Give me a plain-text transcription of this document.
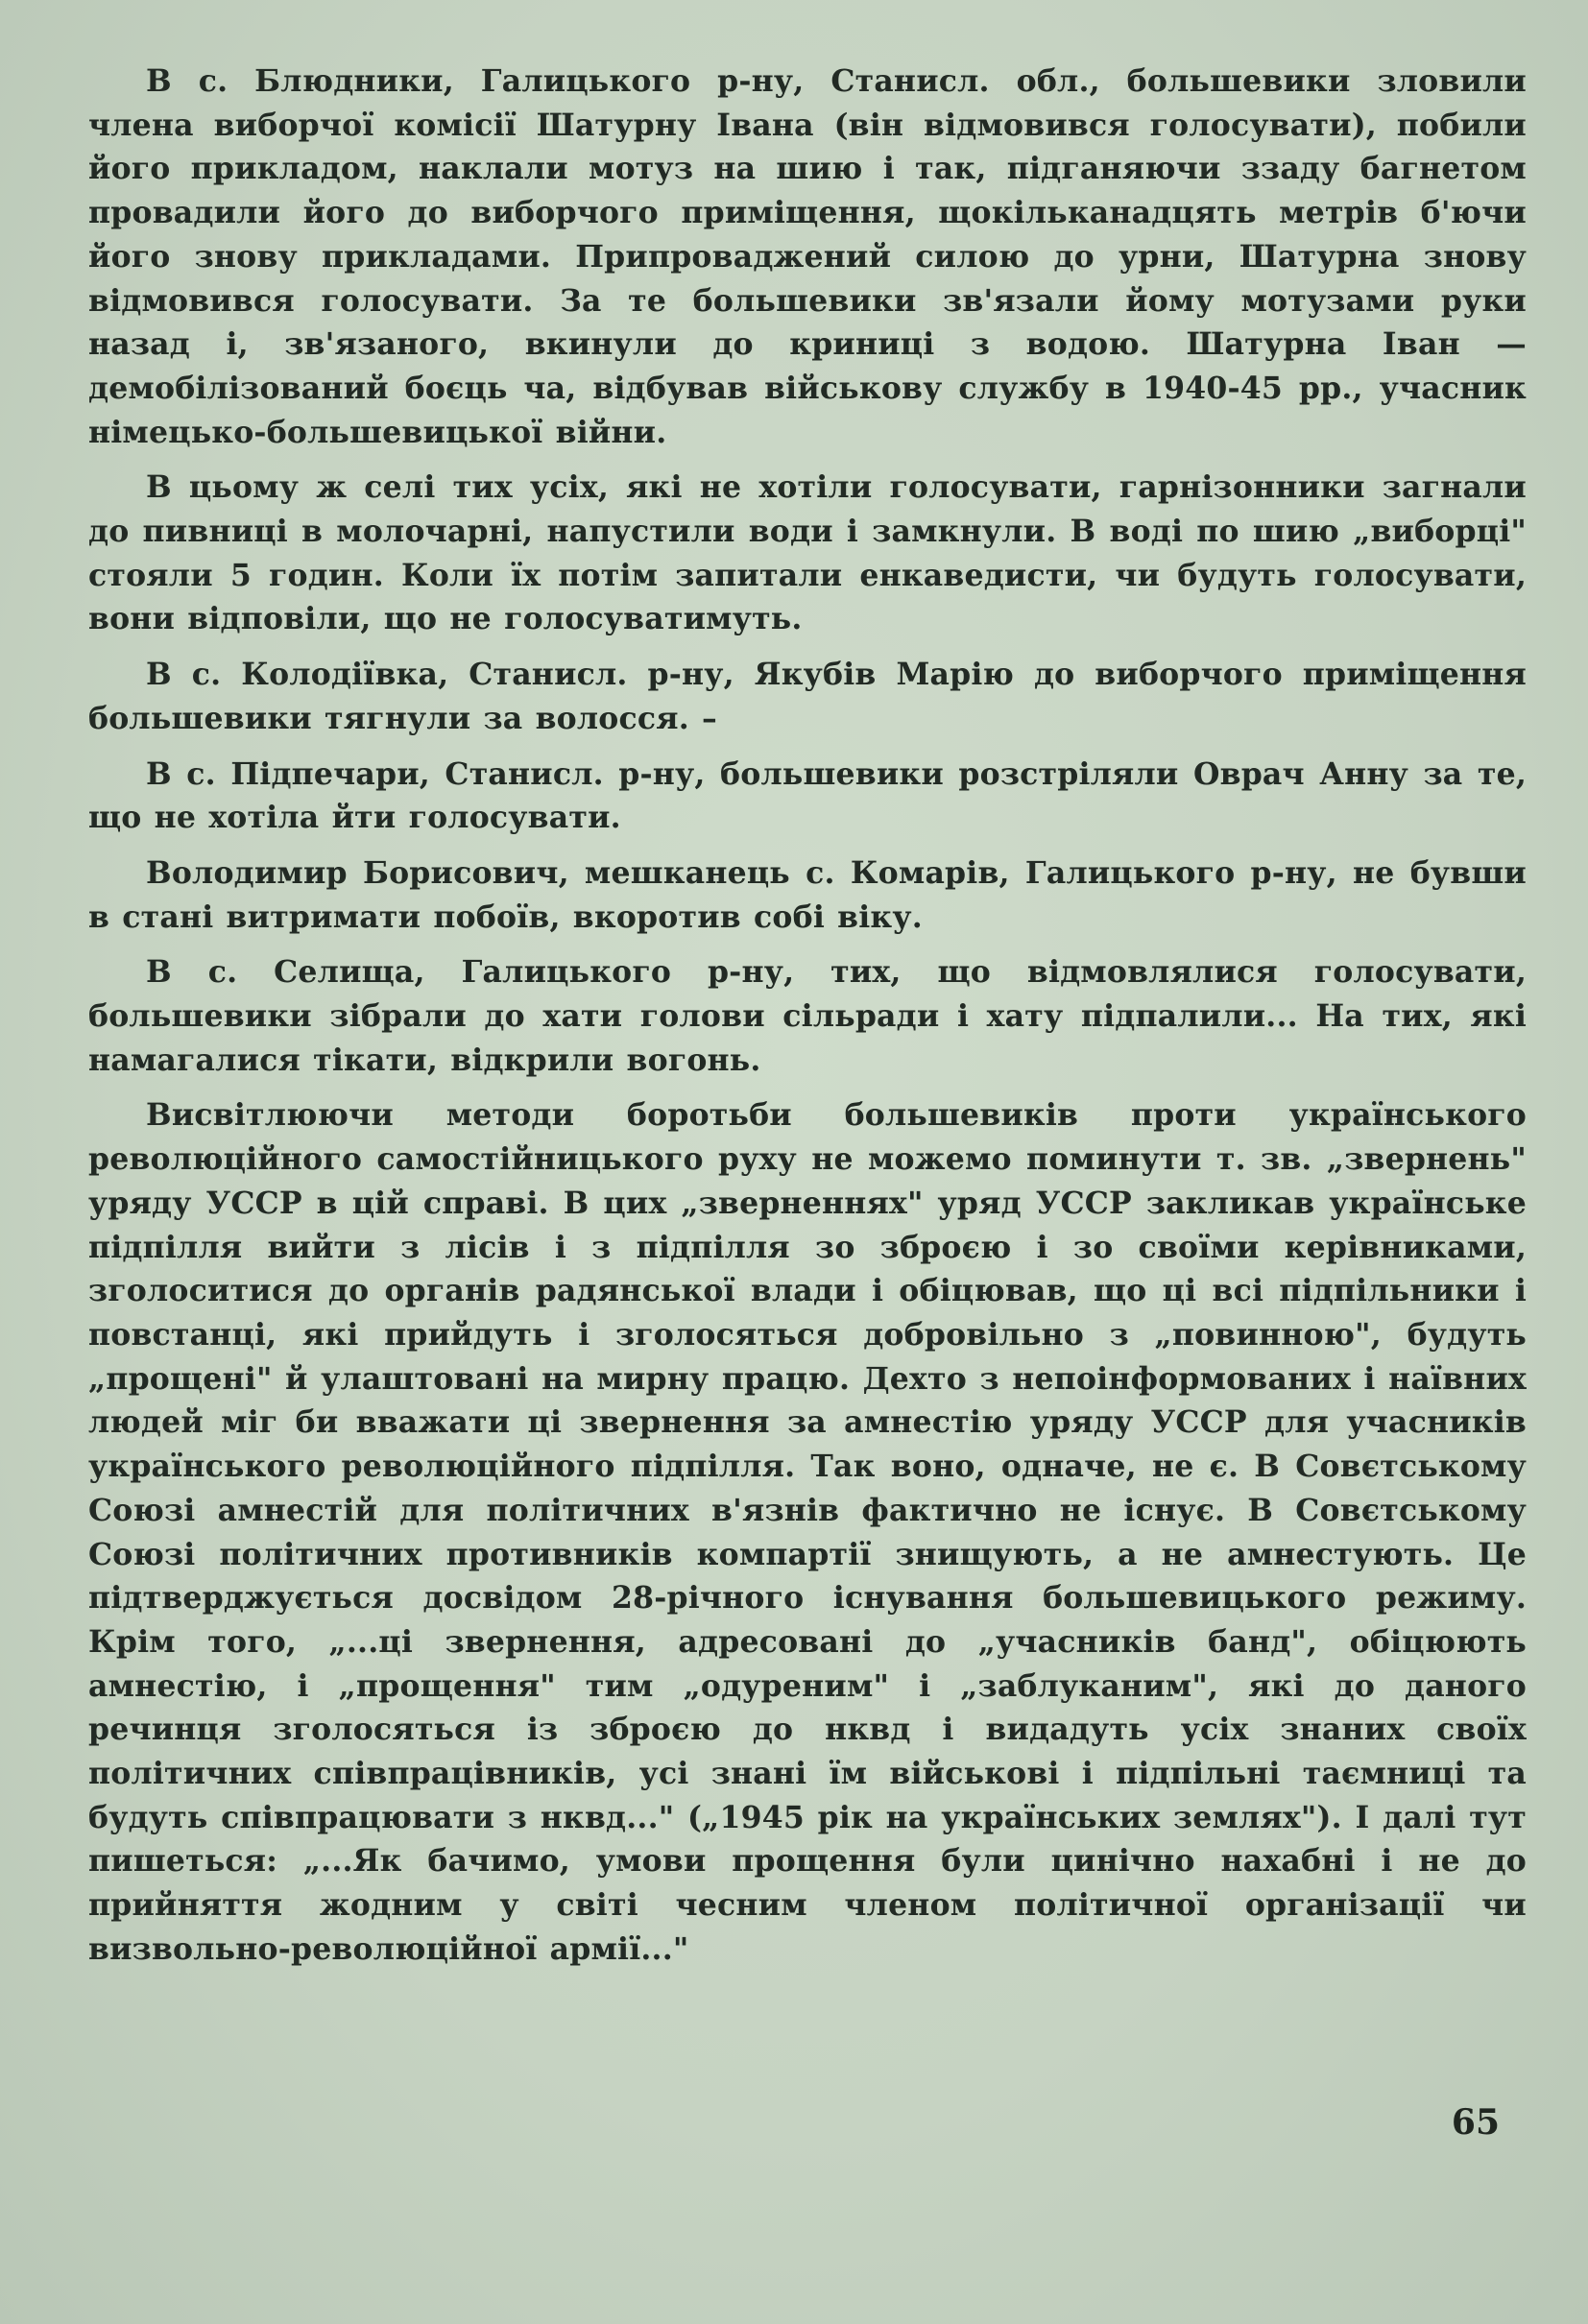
В с. Блюдники, Галицького р-ну, Станисл. обл., большевики зловили члена виборчої комісії Шатурну Івана (він відмовився голосувати), побили його прикладом, наклали мотуз на шию і так, підганяючи ззаду багнетом провадили його до виборчого приміщення, щокільканадцять метрів б'ючи його знову прикладами. Припроваджений силою до урни, Шатурна знову відмовився голосувати. За те большевики зв'язали йому мотузами руки назад і, зв'язаного, вкинули до криниці з водою. Шатурна Іван — демобілізований боєць ча, відбував військову службу в 1940-45 рр., учасник німецько-большевицької війни.

В цьому ж селі тих усіх, які не хотіли голосувати, гарнізонники загнали до пивниці в молочарні, напустили води і замкнули. В воді по шию „виборці" стояли 5 годин. Коли їх потім запитали енкаведисти, чи будуть голосувати, вони відповіли, що не голосуватимуть.

В с. Колодіївка, Станисл. р-ну, Якубів Марію до виборчого приміщення большевики тягнули за волосся. –

В с. Підпечари, Станисл. р-ну, большевики розстріляли Оврач Анну за те, що не хотіла йти голосувати.

Володимир Борисович, мешканець с. Комарів, Галицького р-ну, не бувши в стані витримати побоїв, вкоротив собі віку.

В с. Селища, Галицького р-ну, тих, що відмовлялися голосувати, большевики зібрали до хати голови сільради і хату підпалили... На тих, які намагалися тікати, відкрили вогонь.

Висвітлюючи методи боротьби большевиків проти українського революційного самостійницького руху не можемо поминути т. зв. „звернень" уряду УССР в цій справі. В цих „зверненнях" уряд УССР закликав українське підпілля вийти з лісів і з підпілля зо зброєю і зо своїми керівниками, зголоситися до органів радянської влади і обіцював, що ці всі підпільники і повстанці, які прийдуть і зголосяться добровільно з „повинною", будуть „прощені" й улаштовані на мирну працю. Дехто з непоінформованих і наївних людей міг би вважати ці звернення за амнестію уряду УССР для учасників українського революційного підпілля. Так воно, одначе, не є. В Совєтському Союзі амнестій для політичних в'язнів фактично не існує. В Совєтському Союзі політичних противників компартії знищують, а не амнестують. Це підтверджується досвідом 28-річного існування большевицького режиму. Крім того, „...ці звернення, адресовані до „учасників банд", обіцюють амнестію, і „прощення" тим „одуреним" і „заблуканим", які до даного речинця зголосяться із зброєю до нквд і видадуть усіх знаних своїх політичних співпрацівників, усі знані їм військові і підпільні таємниці та будуть співпрацювати з нквд..." („1945 рік на українських землях"). І далі тут пишеться: „...Як бачимо, умови прощення були цинічно нахабні і не до прийняття жодним у світі чесним членом політичної організації чи визвольно-революційної армії..."

65
